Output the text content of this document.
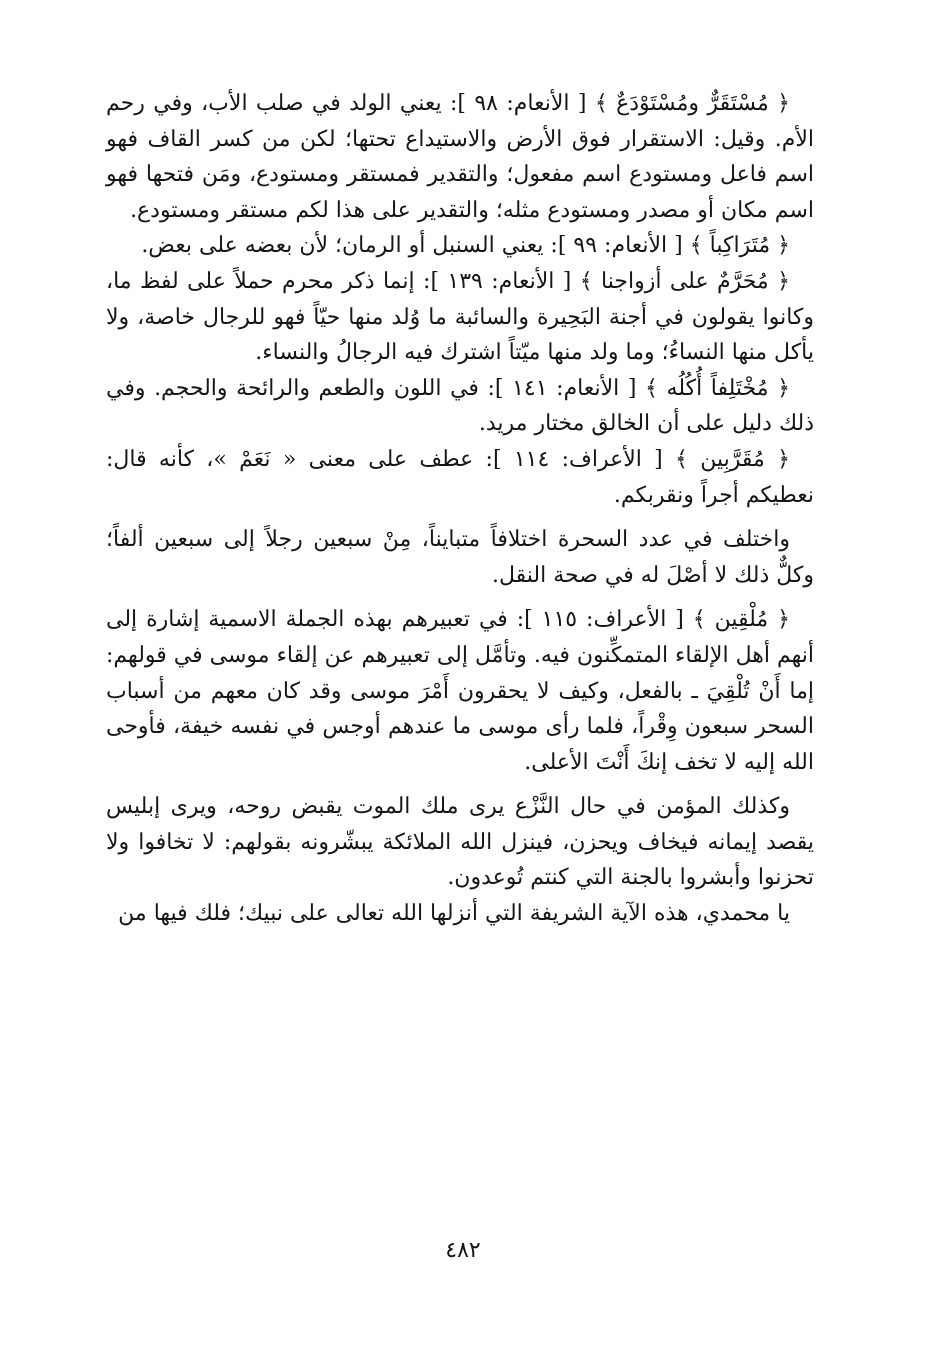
﴿ مُسْتَقَرٌّ ومُسْتَوْدَعٌ ﴾ [ الأنعام: ٩٨ ]: يعني الولد في صلب الأب، وفي رحم الأم. وقيل: الاستقرار فوق الأرض والاستيداع تحتها؛ لكن من كسر القاف فهو اسم فاعل ومستودع اسم مفعول؛ والتقدير فمستقر ومستودع، ومَن فتحها فهو اسم مكان أو مصدر ومستودع مثله؛ والتقدير على هذا لكم مستقر ومستودع.

﴿ مُتَرَاكِباً ﴾ [ الأنعام: ٩٩ ]: يعني السنبل أو الرمان؛ لأن بعضه على بعض.

﴿ مُحَرَّمٌ على أزواجنا ﴾ [ الأنعام: ١٣٩ ]: إنما ذكر محرم حملاً على لفظ ما، وكانوا يقولون في أجنة البَحِيرة والسائبة ما وُلد منها حيّاً فهو للرجال خاصة، ولا يأكل منها النساءُ؛ وما ولد منها ميّتاً اشترك فيه الرجالُ والنساء.

﴿ مُخْتَلِفاً أُكُلُه ﴾ [ الأنعام: ١٤١ ]: في اللون والطعم والرائحة والحجم. وفي ذلك دليل على أن الخالق مختار مريد.

﴿ مُقَرَّبِين ﴾ [ الأعراف: ١١٤ ]: عطف على معنى « نَعَمْ »، كأنه قال: نعطيكم أجراً ونقربكم.

واختلف في عدد السحرة اختلافاً متبايناً، مِنْ سبعين رجلاً إلى سبعين ألفاً؛ وكلٌّ ذلك لا أصْلَ له في صحة النقل.

﴿ مُلْقِين ﴾ [ الأعراف: ١١٥ ]: في تعبيرهم بهذه الجملة الاسمية إشارة إلى أنهم أهل الإلقاء المتمكِّنون فيه. وتأمَّل إلى تعبيرهم عن إلقاء موسى في قولهم: إما أَنْ تُلْقِيَ ـ بالفعل، وكيف لا يحقرون أَمْرَ موسى وقد كان معهم من أسباب السحر سبعون وِقْراً، فلما رأى موسى ما عندهم أوجس في نفسه خيفة، فأوحى الله إليه لا تخف إنكَ أَنْتَ الأعلى.

وكذلك المؤمن في حال النَّزْع يرى ملك الموت يقبض روحه، ويرى إبليس يقصد إيمانه فيخاف ويحزن، فينزل الله الملائكة يبشّرونه بقولهم: لا تخافوا ولا تحزنوا وأبشروا بالجنة التي كنتم تُوعدون.

يا محمدي، هذه الآية الشريفة التي أنزلها الله تعالى على نبيك؛ فلك فيها من

٤٨٢
